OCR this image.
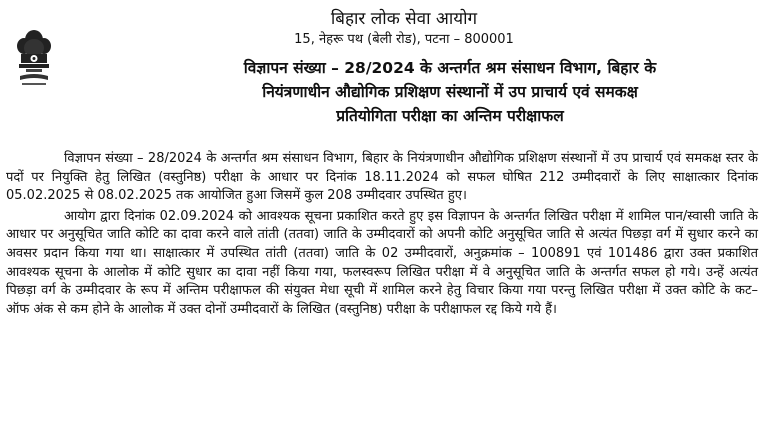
बिहार लोक सेवा आयोग
15, नेहरू पथ (बेली रोड), पटना – 800001
विज्ञापन संख्या – 28/2024 के अन्तर्गत श्रम संसाधन विभाग, बिहार के
नियंत्रणाधीन औद्योगिक प्रशिक्षण संस्थानों में उप प्राचार्य एवं समकक्ष
प्रतियोगिता परीक्षा का अन्तिम परीक्षाफल

विज्ञापन संख्या – 28/2024 के अन्तर्गत श्रम संसाधन विभाग, बिहार के नियंत्रणाधीन औद्योगिक प्रशिक्षण संस्थानों में उप प्राचार्य एवं समकक्ष स्तर के पदों पर नियुक्ति हेतु लिखित (वस्तुनिष्ठ) परीक्षा के आधार पर दिनांक 18.11.2024 को सफल घोषित 212 उम्मीदवारों के लिए साक्षात्कार दिनांक 05.02.2025 से 08.02.2025 तक आयोजित हुआ जिसमें कुल 208 उम्मीदवार उपस्थित हुए।

आयोग द्वारा दिनांक 02.09.2024 को आवश्यक सूचना प्रकाशित करते हुए इस विज्ञापन के अन्तर्गत लिखित परीक्षा में शामिल पान/स्वासी जाति के आधार पर अनुसूचित जाति कोटि का दावा करने वाले तांती (ततवा) जाति के उम्मीदवारों को अपनी कोटि अनुसूचित जाति से अत्यंत पिछड़ा वर्ग में सुधार करने का अवसर प्रदान किया गया था। साक्षात्कार में उपस्थित तांती (ततवा) जाति के 02 उम्मीदवारों, अनुक्रमांक – 100891 एवं 101486 द्वारा उक्त प्रकाशित आवश्यक सूचना के आलोक में कोटि सुधार का दावा नहीं किया गया, फलस्वरूप लिखित परीक्षा में वे अनुसूचित जाति के अन्तर्गत सफल हो गये। उन्हें अत्यंत पिछड़ा वर्ग के उम्मीदवार के रूप में अन्तिम परीक्षाफल की संयुक्त मेधा सूची में शामिल करने हेतु विचार किया गया परन्तु लिखित परीक्षा में उक्त कोटि के कट–ऑफ अंक से कम होने के आलोक में उक्त दोनों उम्मीदवारों के लिखित (वस्तुनिष्ठ) परीक्षा के परीक्षाफल रद्द किये गये हैं।
